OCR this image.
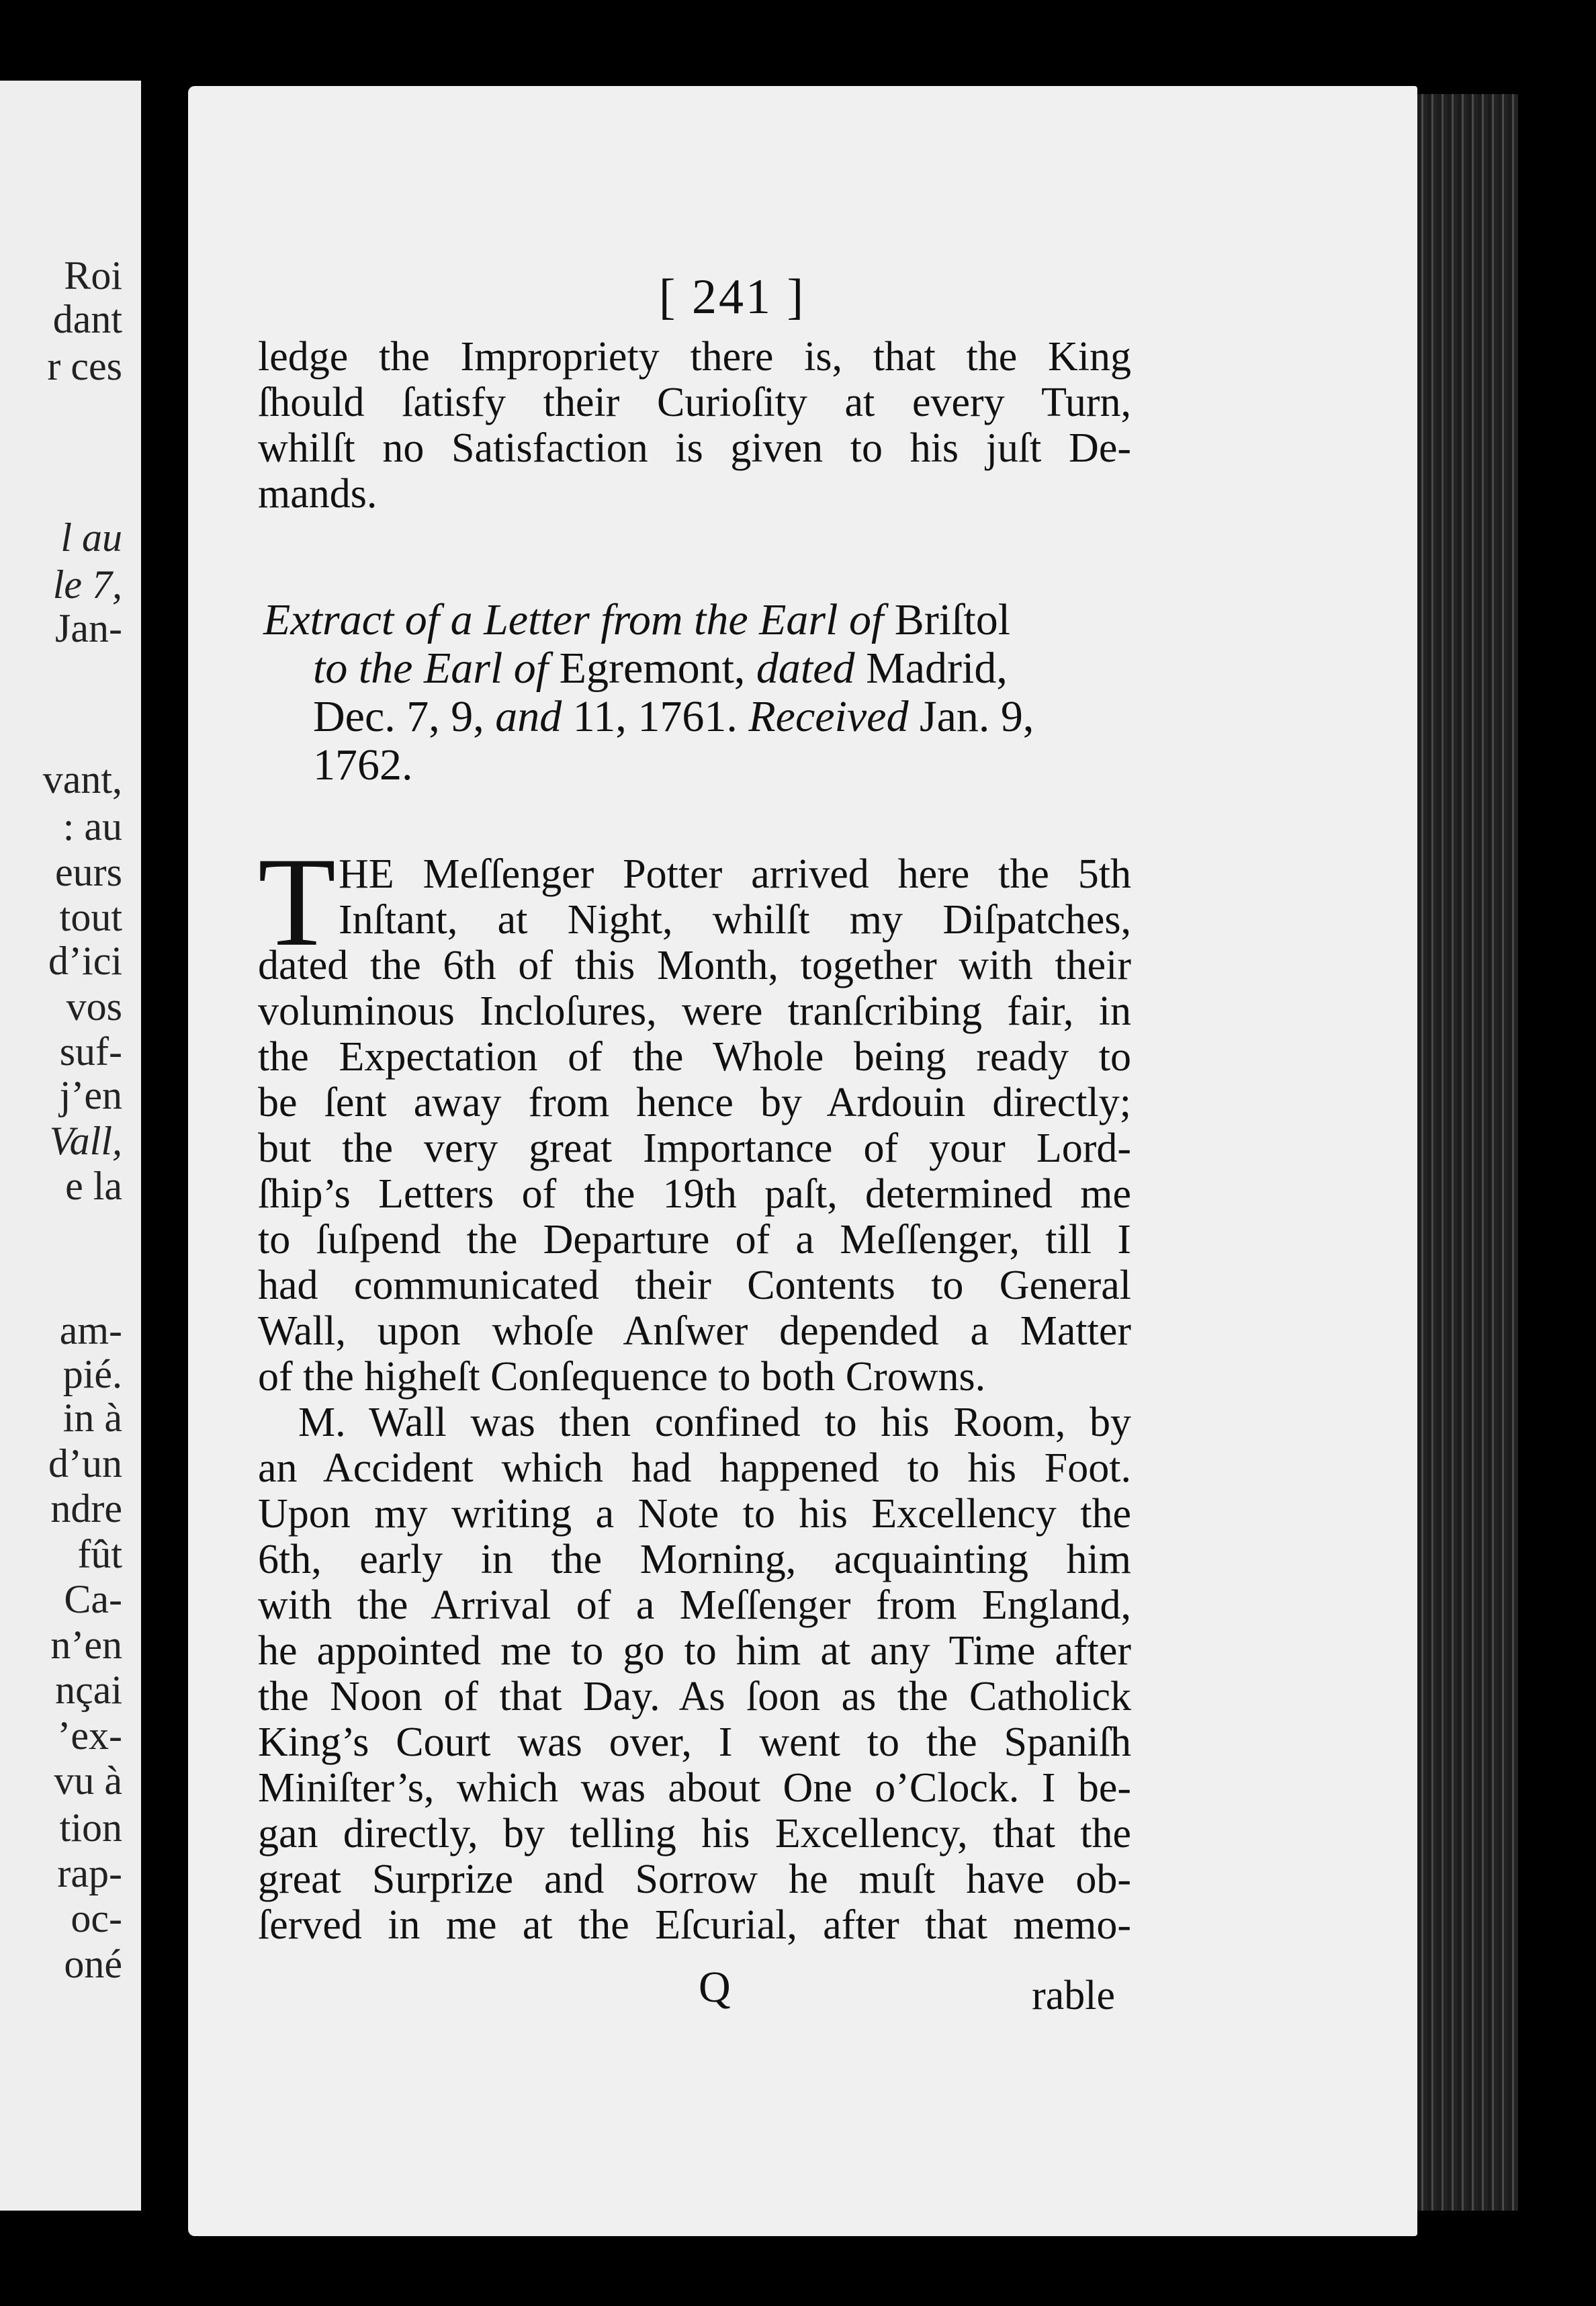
Roi
dant
r ces
l au
le 7,
Jan-
vant,
: au
eurs
tout
d’ici
vos
suf-
j’en
Vall,
e la
am-
pié.
in à
d’un
ndre
fût
Ca-
n’en
nçai
’ex-
vu à
tion
rap-
oc-
oné
[ 241 ]
ledge the Impropriety there is, that the King
ſhould ſatisfy their Curioſity at every Turn,
whilſt no Satisfaction is given to his juſt De-
mands.
Extract of a Letter from the Earl of Briſtol
to the Earl of Egremont, dated Madrid,
Dec. 7, 9, and 11, 1761. Received Jan. 9,
1762.
T HE Meſſenger Potter arrived here the 5th
Inſtant, at Night, whilſt my Diſpatches,
dated the 6th of this Month, together with their
voluminous Incloſures, were tranſcribing fair, in
the Expectation of the Whole being ready to
be ſent away from hence by Ardouin directly;
but the very great Importance of your Lord-
ſhip’s Letters of the 19th paſt, determined me
to ſuſpend the Departure of a Meſſenger, till I
had communicated their Contents to General
Wall, upon whoſe Anſwer depended a Matter
of the higheſt Conſequence to both Crowns.
M. Wall was then confined to his Room, by
an Accident which had happened to his Foot.
Upon my writing a Note to his Excellency the
6th, early in the Morning, acquainting him
with the Arrival of a Meſſenger from England,
he appointed me to go to him at any Time after
the Noon of that Day. As ſoon as the Catholick
King’s Court was over, I went to the Spaniſh
Miniſter’s, which was about One o’Clock. I be-
gan directly, by telling his Excellency, that the
great Surprize and Sorrow he muſt have ob-
ſerved in me at the Eſcurial, after that memo-
Q	rable
